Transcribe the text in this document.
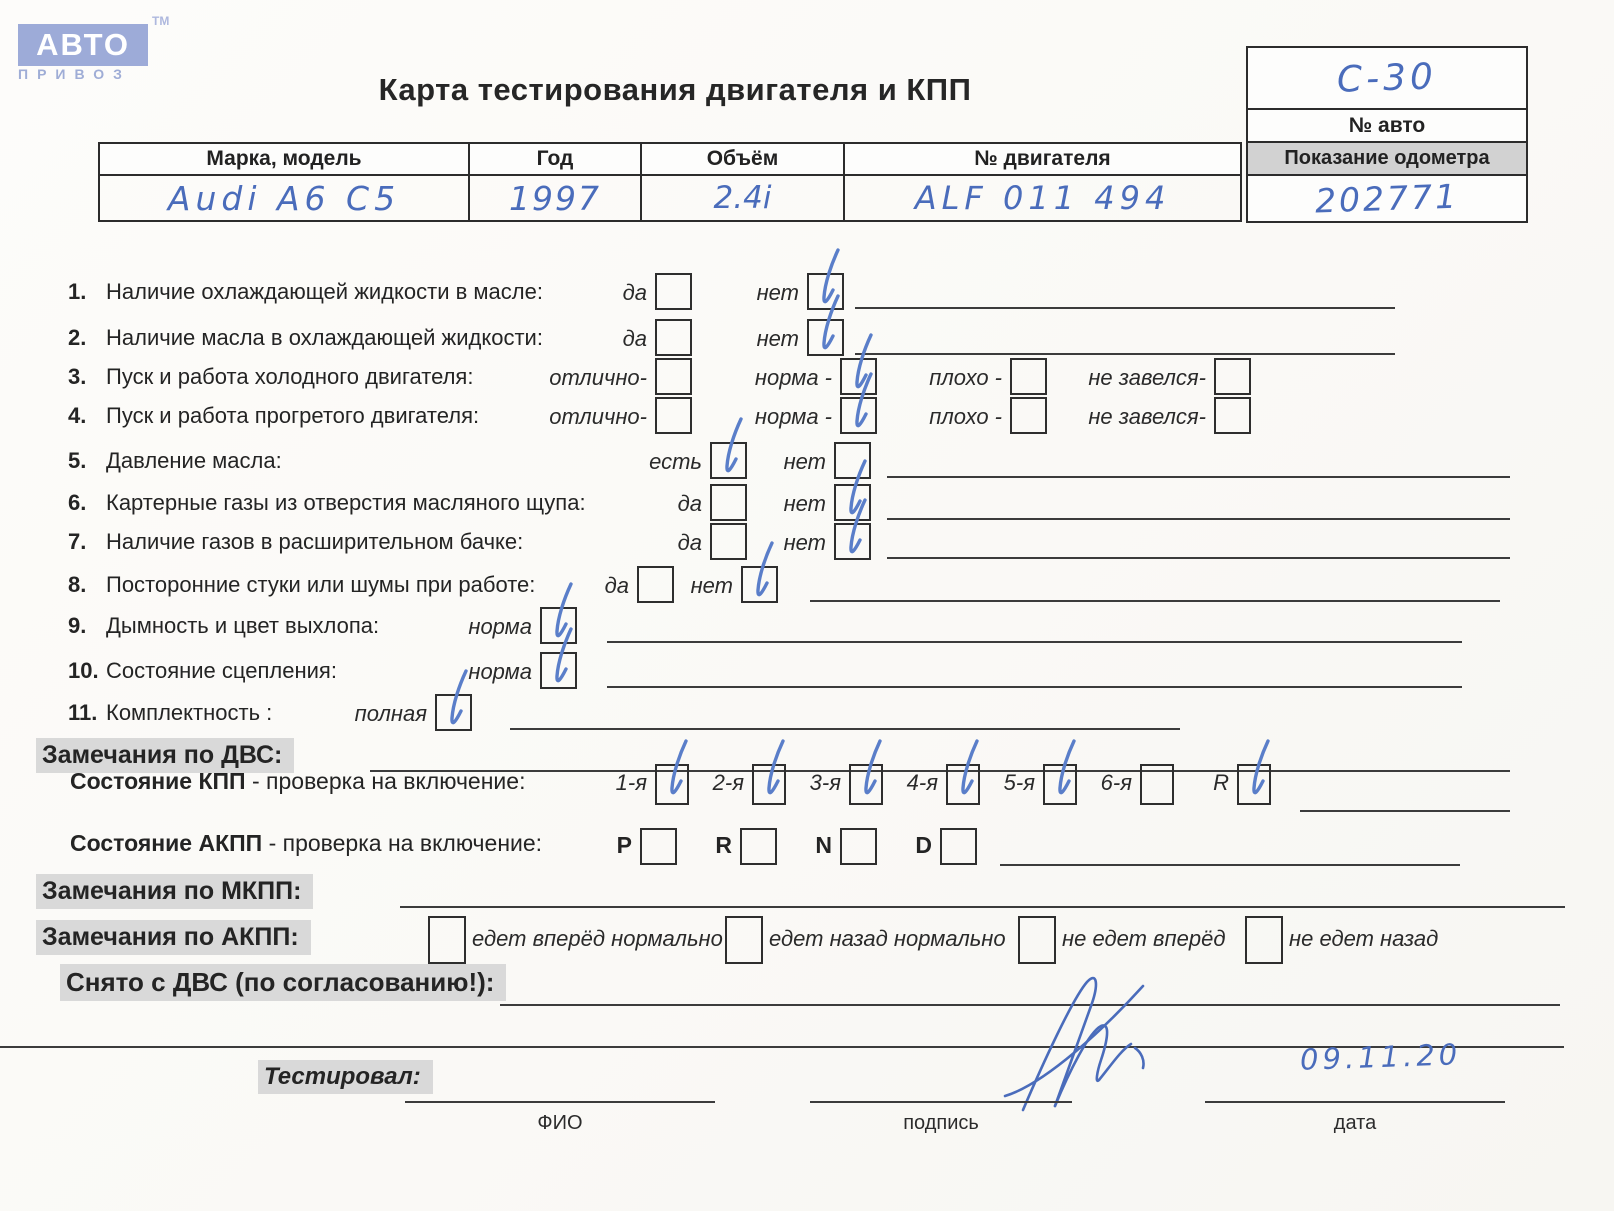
АВТО
ТМ
ПРИВОЗ	Карта тестирования двигателя и КПП	С-30
№ авто
Показание одометра
202771
Марка, модель	Год	Объём	№ двигателя
Audi А6 С5	1997	2.4i	ALF 011 494
1. Наличие охлаждающей жидкости в масле:	да	нет
2. Наличие масла в охлаждающей жидкости:	да	нет
3. Пуск и работа холодного двигателя:	отлично-	норма -	плохо -	не завелся-
4. Пуск и работа прогретого двигателя:	отлично-	норма -	плохо -	не завелся-
5. Давление масла:	есть	нет
6. Картерные газы из отверстия масляного щупа:	да	нет
7. Наличие газов в расширительном бачке:	да	нет
8. Посторонние стуки или шумы при работе:	да	нет
9. Дымность и цвет выхлопа:	норма
10. Состояние сцепления:	норма
11. Комплектность :	полная
Замечания по ДВС:
Состояние КПП - проверка на включение:	1-я	2-я	3-я	4-я	5-я	6-я	R
Состояние АКПП - проверка на включение:	P	R	N	D
Замечания по МКПП:
Замечания по АКПП:	едет вперёд нормально едет назад нормально	не едет вперёд	не едет назад
Снято с ДВС (по согласованию!):
09.11.20
Тестировал:
ФИО	подпись	дата
